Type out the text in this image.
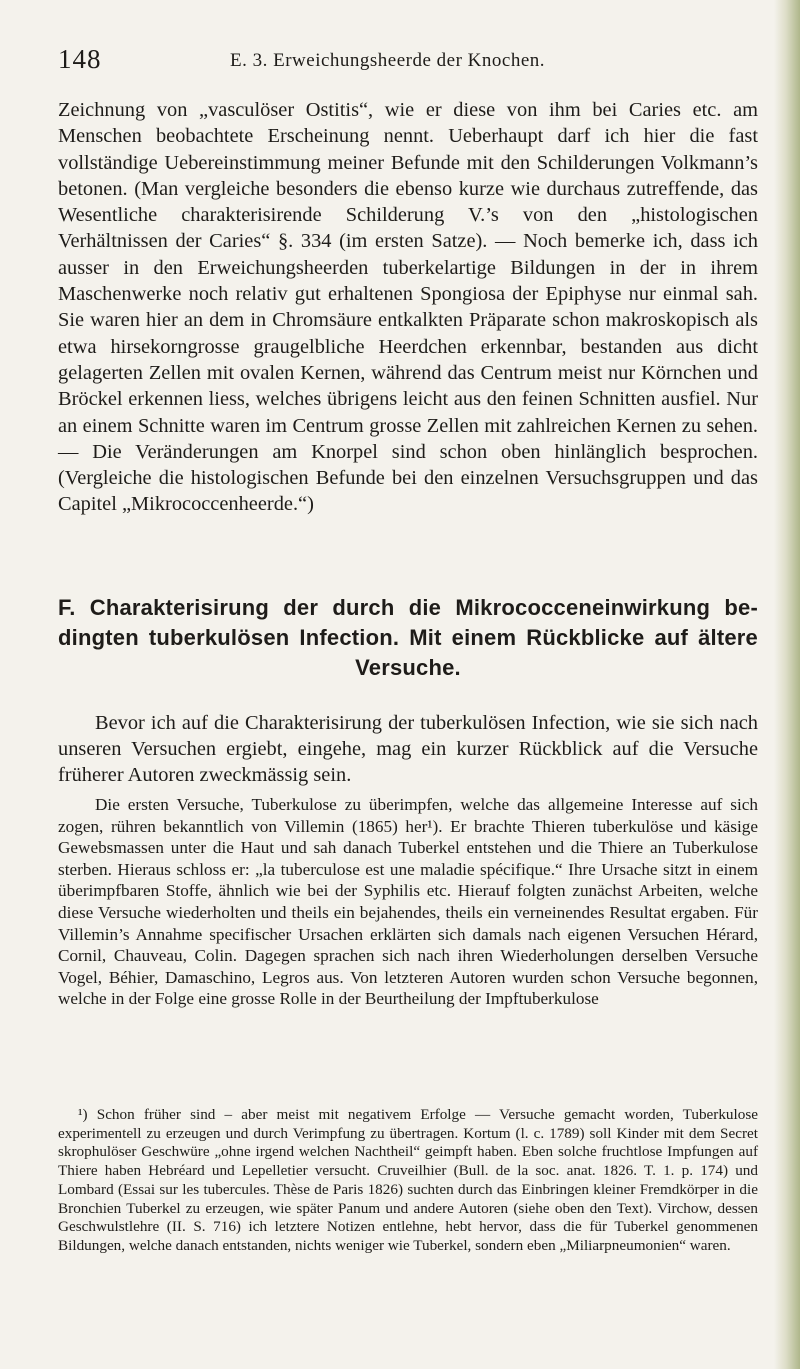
148	E. 3. Erweichungsheerde der Knochen.

Zeichnung von „vasculöser Ostitis“, wie er diese von ihm bei Caries etc. am Menschen beobachtete Erscheinung nennt. Ueberhaupt darf ich hier die fast vollständige Uebereinstimmung meiner Befunde mit den Schilderungen Volkmann’s betonen. (Man vergleiche besonders die ebenso kurze wie durchaus zutreffende, das Wesentliche charakterisirende Schilderung V.’s von den „histologischen Verhältnissen der Caries“ §. 334 (im ersten Satze). — Noch bemerke ich, dass ich ausser in den Erweichungsheerden tuberkelartige Bildungen in der in ihrem Maschenwerke noch relativ gut erhaltenen Spongiosa der Epiphyse nur einmal sah. Sie waren hier an dem in Chromsäure entkalkten Präparate schon makroskopisch als etwa hirsekorngrosse graugelbliche Heerdchen erkennbar, bestanden aus dicht gelagerten Zellen mit ovalen Kernen, während das Centrum meist nur Körnchen und Bröckel erkennen liess, welches übrigens leicht aus den feinen Schnitten ausfiel. Nur an einem Schnitte waren im Centrum grosse Zellen mit zahlreichen Kernen zu sehen. — Die Veränderungen am Knorpel sind schon oben hinlänglich besprochen. (Vergleiche die histologischen Befunde bei den einzelnen Versuchsgruppen und das Capitel „Mikrococcenheerde.“)

F. Charakterisirung der durch die Mikrococceneinwirkung be-
dingten tuberkulösen Infection. Mit einem Rückblicke auf ältere
Versuche.

Bevor ich auf die Charakterisirung der tuberkulösen Infection, wie sie sich nach unseren Versuchen ergiebt, eingehe, mag ein kurzer Rückblick auf die Versuche früherer Autoren zweckmässig sein.

Die ersten Versuche, Tuberkulose zu überimpfen, welche das allgemeine Interesse auf sich zogen, rühren bekanntlich von Villemin (1865) her¹). Er brachte Thieren tuberkulöse und käsige Gewebsmassen unter die Haut und sah danach Tuberkel entstehen und die Thiere an Tuberkulose sterben. Hieraus schloss er: „la tuberculose est une maladie spécifique.“ Ihre Ursache sitzt in einem überimpfbaren Stoffe, ähnlich wie bei der Syphilis etc. Hierauf folgten zunächst Arbeiten, welche diese Versuche wiederholten und theils ein bejahendes, theils ein verneinendes Resultat ergaben. Für Villemin’s Annahme specifischer Ursachen erklärten sich damals nach eigenen Versuchen Hérard, Cornil, Chauveau, Colin. Dagegen sprachen sich nach ihren Wiederholungen derselben Versuche Vogel, Béhier, Damaschino, Legros aus. Von letzteren Autoren wurden schon Versuche begonnen, welche in der Folge eine grosse Rolle in der Beurtheilung der Impftuberkulose

¹) Schon früher sind – aber meist mit negativem Erfolge — Versuche gemacht worden, Tuberkulose experimentell zu erzeugen und durch Verimpfung zu übertragen. Kortum (l. c. 1789) soll Kinder mit dem Secret skrophulöser Geschwüre „ohne irgend welchen Nachtheil“ geimpft haben. Eben solche fruchtlose Impfungen auf Thiere haben Hebréard und Lepelletier versucht. Cruveilhier (Bull. de la soc. anat. 1826. T. 1. p. 174) und Lombard (Essai sur les tubercules. Thèse de Paris 1826) suchten durch das Einbringen kleiner Fremdkörper in die Bronchien Tuberkel zu erzeugen, wie später Panum und andere Autoren (siehe oben den Text). Virchow, dessen Geschwulstlehre (II. S. 716) ich letztere Notizen entlehne, hebt hervor, dass die für Tuberkel genommenen Bildungen, welche danach entstanden, nichts weniger wie Tuberkel, sondern eben „Miliarpneumonien“ waren.
